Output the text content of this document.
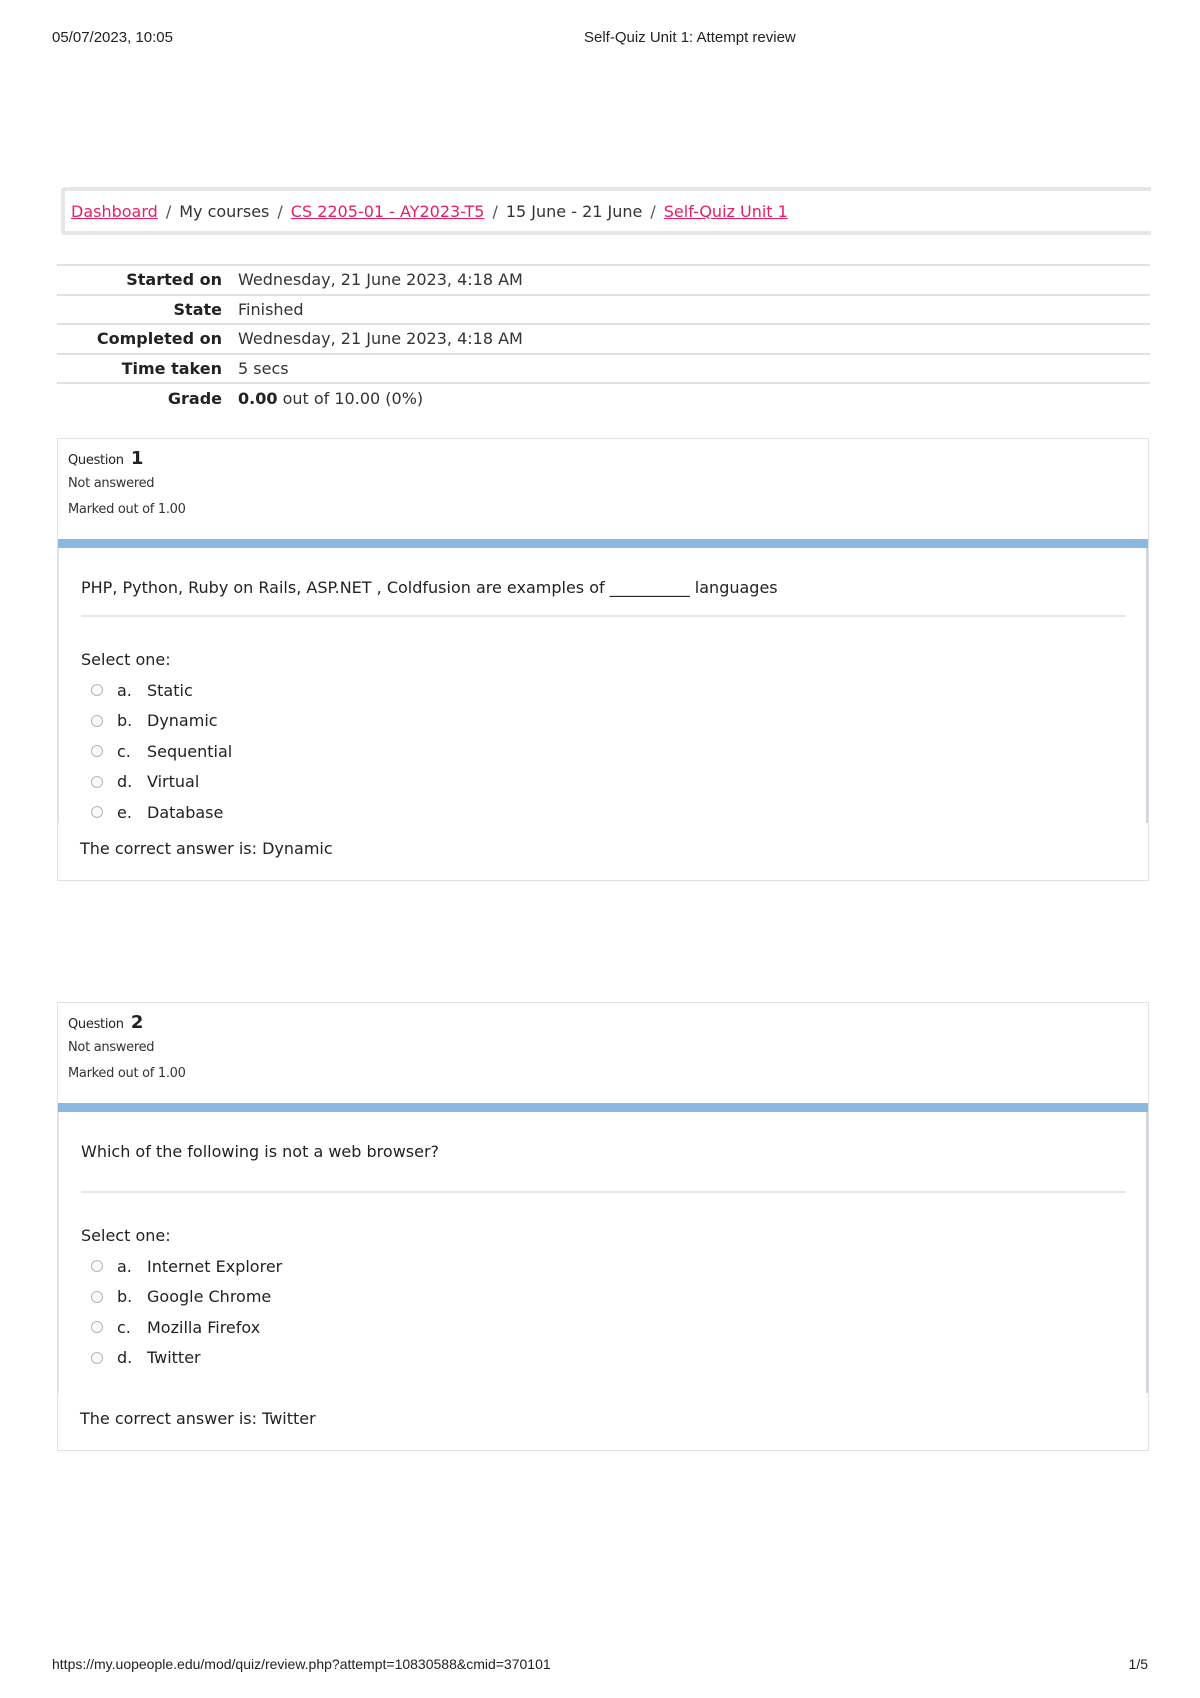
05/07/2023, 10:05	Self-Quiz Unit 1: Attempt review
Dashboard / My courses / CS 2205-01 - AY2023-T5 / 15 June - 21 June / Self-Quiz Unit 1
Started on	Wednesday, 21 June 2023, 4:18 AM
State	Finished
Completed on	Wednesday, 21 June 2023, 4:18 AM
Time taken	5 secs
Grade	0.00 out of 10.00 (0%)
Question 1
Not answered
Marked out of 1.00
PHP, Python, Ruby on Rails, ASP.NET , Coldfusion are examples of __________ languages
Select one:
a. Static
b. Dynamic
c.	Sequential
d. Virtual
e. Database
The correct answer is: Dynamic
Question 2
Not answered
Marked out of 1.00
Which of the following is not a web browser?
Select one:
a. Internet Explorer
b. Google Chrome
c.	Mozilla Firefox
d. Twitter
The correct answer is: Twitter
https://my.uopeople.edu/mod/quiz/review.php?attempt=10830588&cmid=370101	1/5
